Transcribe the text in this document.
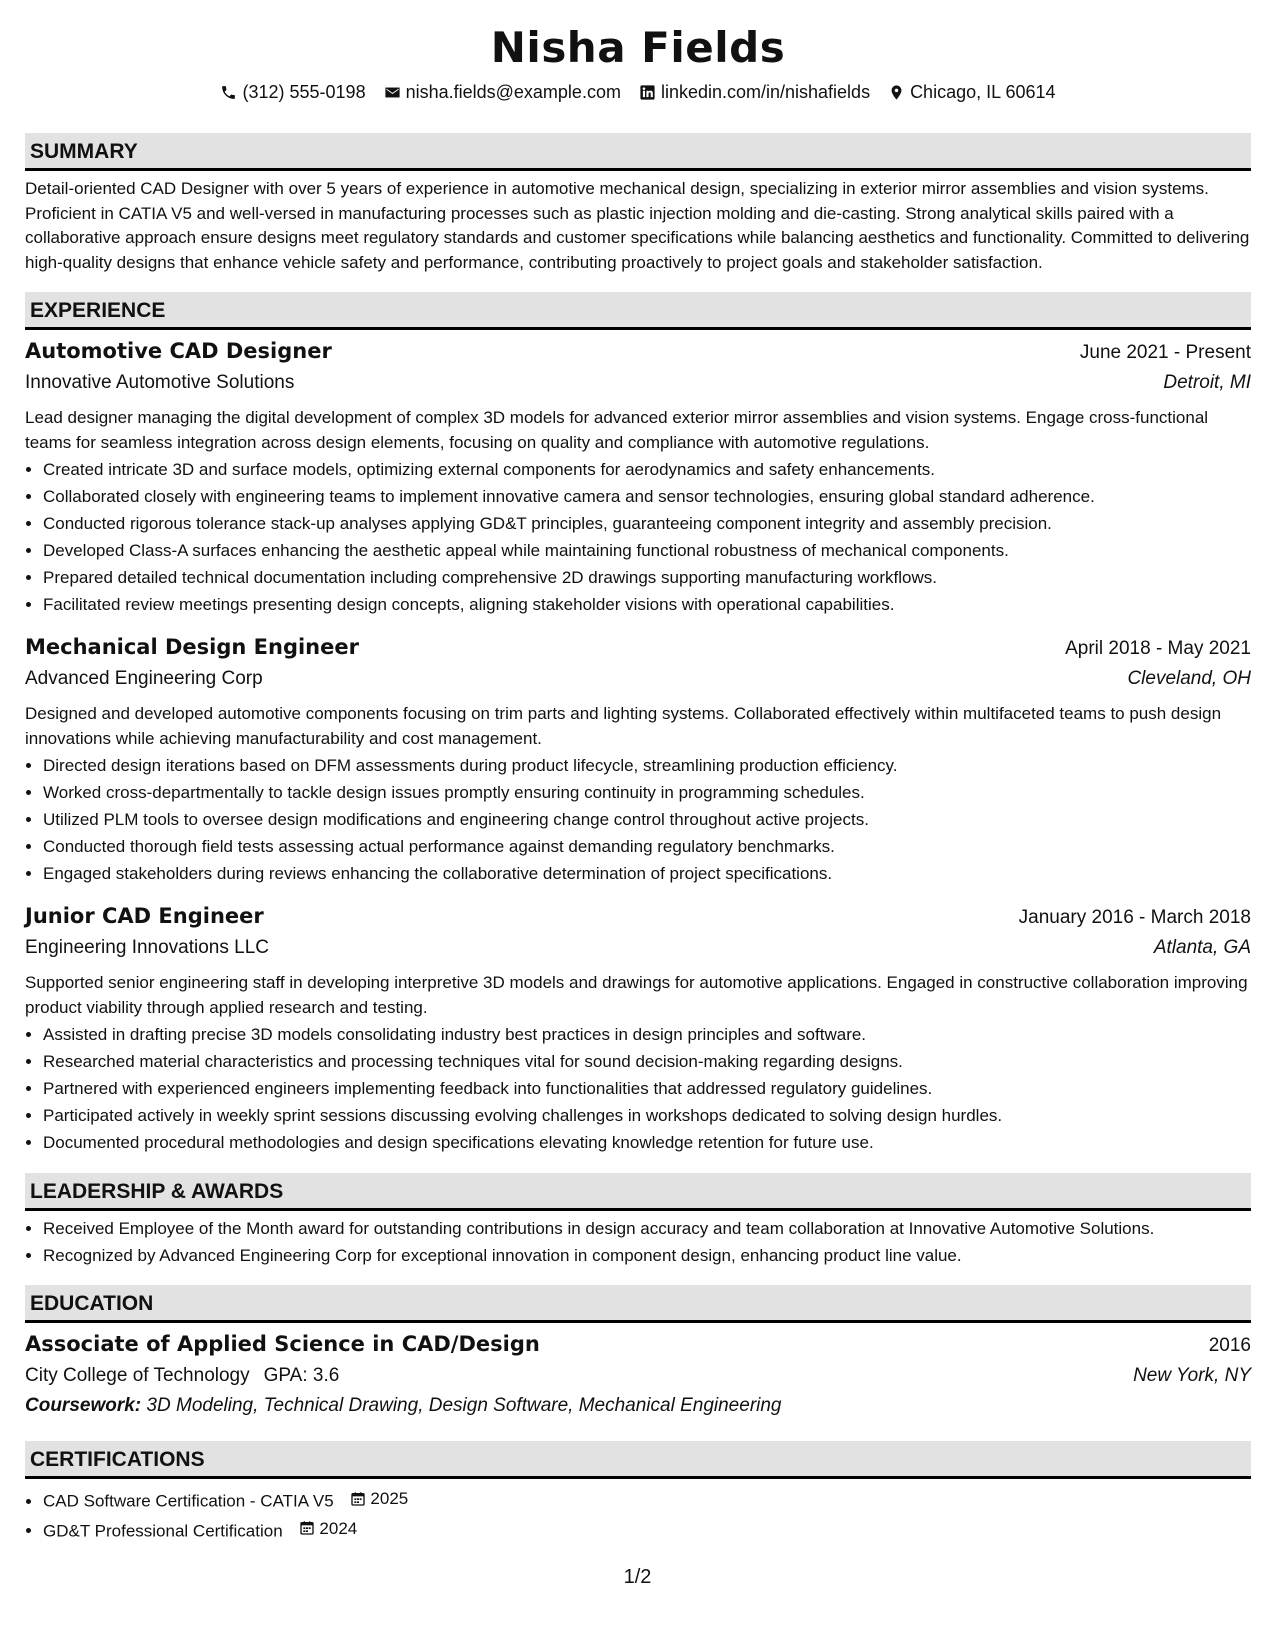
Nisha Fields
(312) 555-0198 nisha.fields@example.com linkedin.com/in/nishafields Chicago, IL 60614
SUMMARY

Detail-oriented CAD Designer with over 5 years of experience in automotive mechanical design, specializing in exterior mirror assemblies and vision systems. Proficient in CATIA V5 and well-versed in manufacturing processes such as plastic injection molding and die-casting. Strong analytical skills paired with a collaborative approach ensure designs meet regulatory standards and customer specifications while balancing aesthetics and functionality. Committed to delivering high-quality designs that enhance vehicle safety and performance, contributing proactively to project goals and stakeholder satisfaction.

EXPERIENCE
Automotive CAD Designer	June 2021 - Present
Innovative Automotive Solutions	Detroit, MI

Lead designer managing the digital development of complex 3D models for advanced exterior mirror assemblies and vision systems. Engage cross-functional teams for seamless integration across design elements, focusing on quality and compliance with automotive regulations.

• Created intricate 3D and surface models, optimizing external components for aerodynamics and safety enhancements.
• Collaborated closely with engineering teams to implement innovative camera and sensor technologies, ensuring global standard adherence.
• Conducted rigorous tolerance stack-up analyses applying GD&T principles, guaranteeing component integrity and assembly precision.
• Developed Class-A surfaces enhancing the aesthetic appeal while maintaining functional robustness of mechanical components.
• Prepared detailed technical documentation including comprehensive 2D drawings supporting manufacturing workflows.
• Facilitated review meetings presenting design concepts, aligning stakeholder visions with operational capabilities.
Mechanical Design Engineer	April 2018 - May 2021
Advanced Engineering Corp	Cleveland, OH

Designed and developed automotive components focusing on trim parts and lighting systems. Collaborated effectively within multifaceted teams to push design innovations while achieving manufacturability and cost management.

• Directed design iterations based on DFM assessments during product lifecycle, streamlining production efficiency.
• Worked cross-departmentally to tackle design issues promptly ensuring continuity in programming schedules.
• Utilized PLM tools to oversee design modifications and engineering change control throughout active projects.
• Conducted thorough field tests assessing actual performance against demanding regulatory benchmarks.
• Engaged stakeholders during reviews enhancing the collaborative determination of project specifications.
Junior CAD Engineer	January 2016 - March 2018
Engineering Innovations LLC	Atlanta, GA

Supported senior engineering staff in developing interpretive 3D models and drawings for automotive applications. Engaged in constructive collaboration improving product viability through applied research and testing.

• Assisted in drafting precise 3D models consolidating industry best practices in design principles and software.
• Researched material characteristics and processing techniques vital for sound decision-making regarding designs.
• Partnered with experienced engineers implementing feedback into functionalities that addressed regulatory guidelines.
• Participated actively in weekly sprint sessions discussing evolving challenges in workshops dedicated to solving design hurdles.
• Documented procedural methodologies and design specifications elevating knowledge retention for future use.
LEADERSHIP & AWARDS
• Received Employee of the Month award for outstanding contributions in design accuracy and team collaboration at Innovative Automotive Solutions.
• Recognized by Advanced Engineering Corp for exceptional innovation in component design, enhancing product line value.
EDUCATION
Associate of Applied Science in CAD/Design	2016
City College of Technology GPA: 3.6	New York, NY
Coursework: 3D Modeling, Technical Drawing, Design Software, Mechanical Engineering
CERTIFICATIONS
• CAD Software Certification - CATIA V5 2025
• GD&T Professional Certification 2024
1/2
